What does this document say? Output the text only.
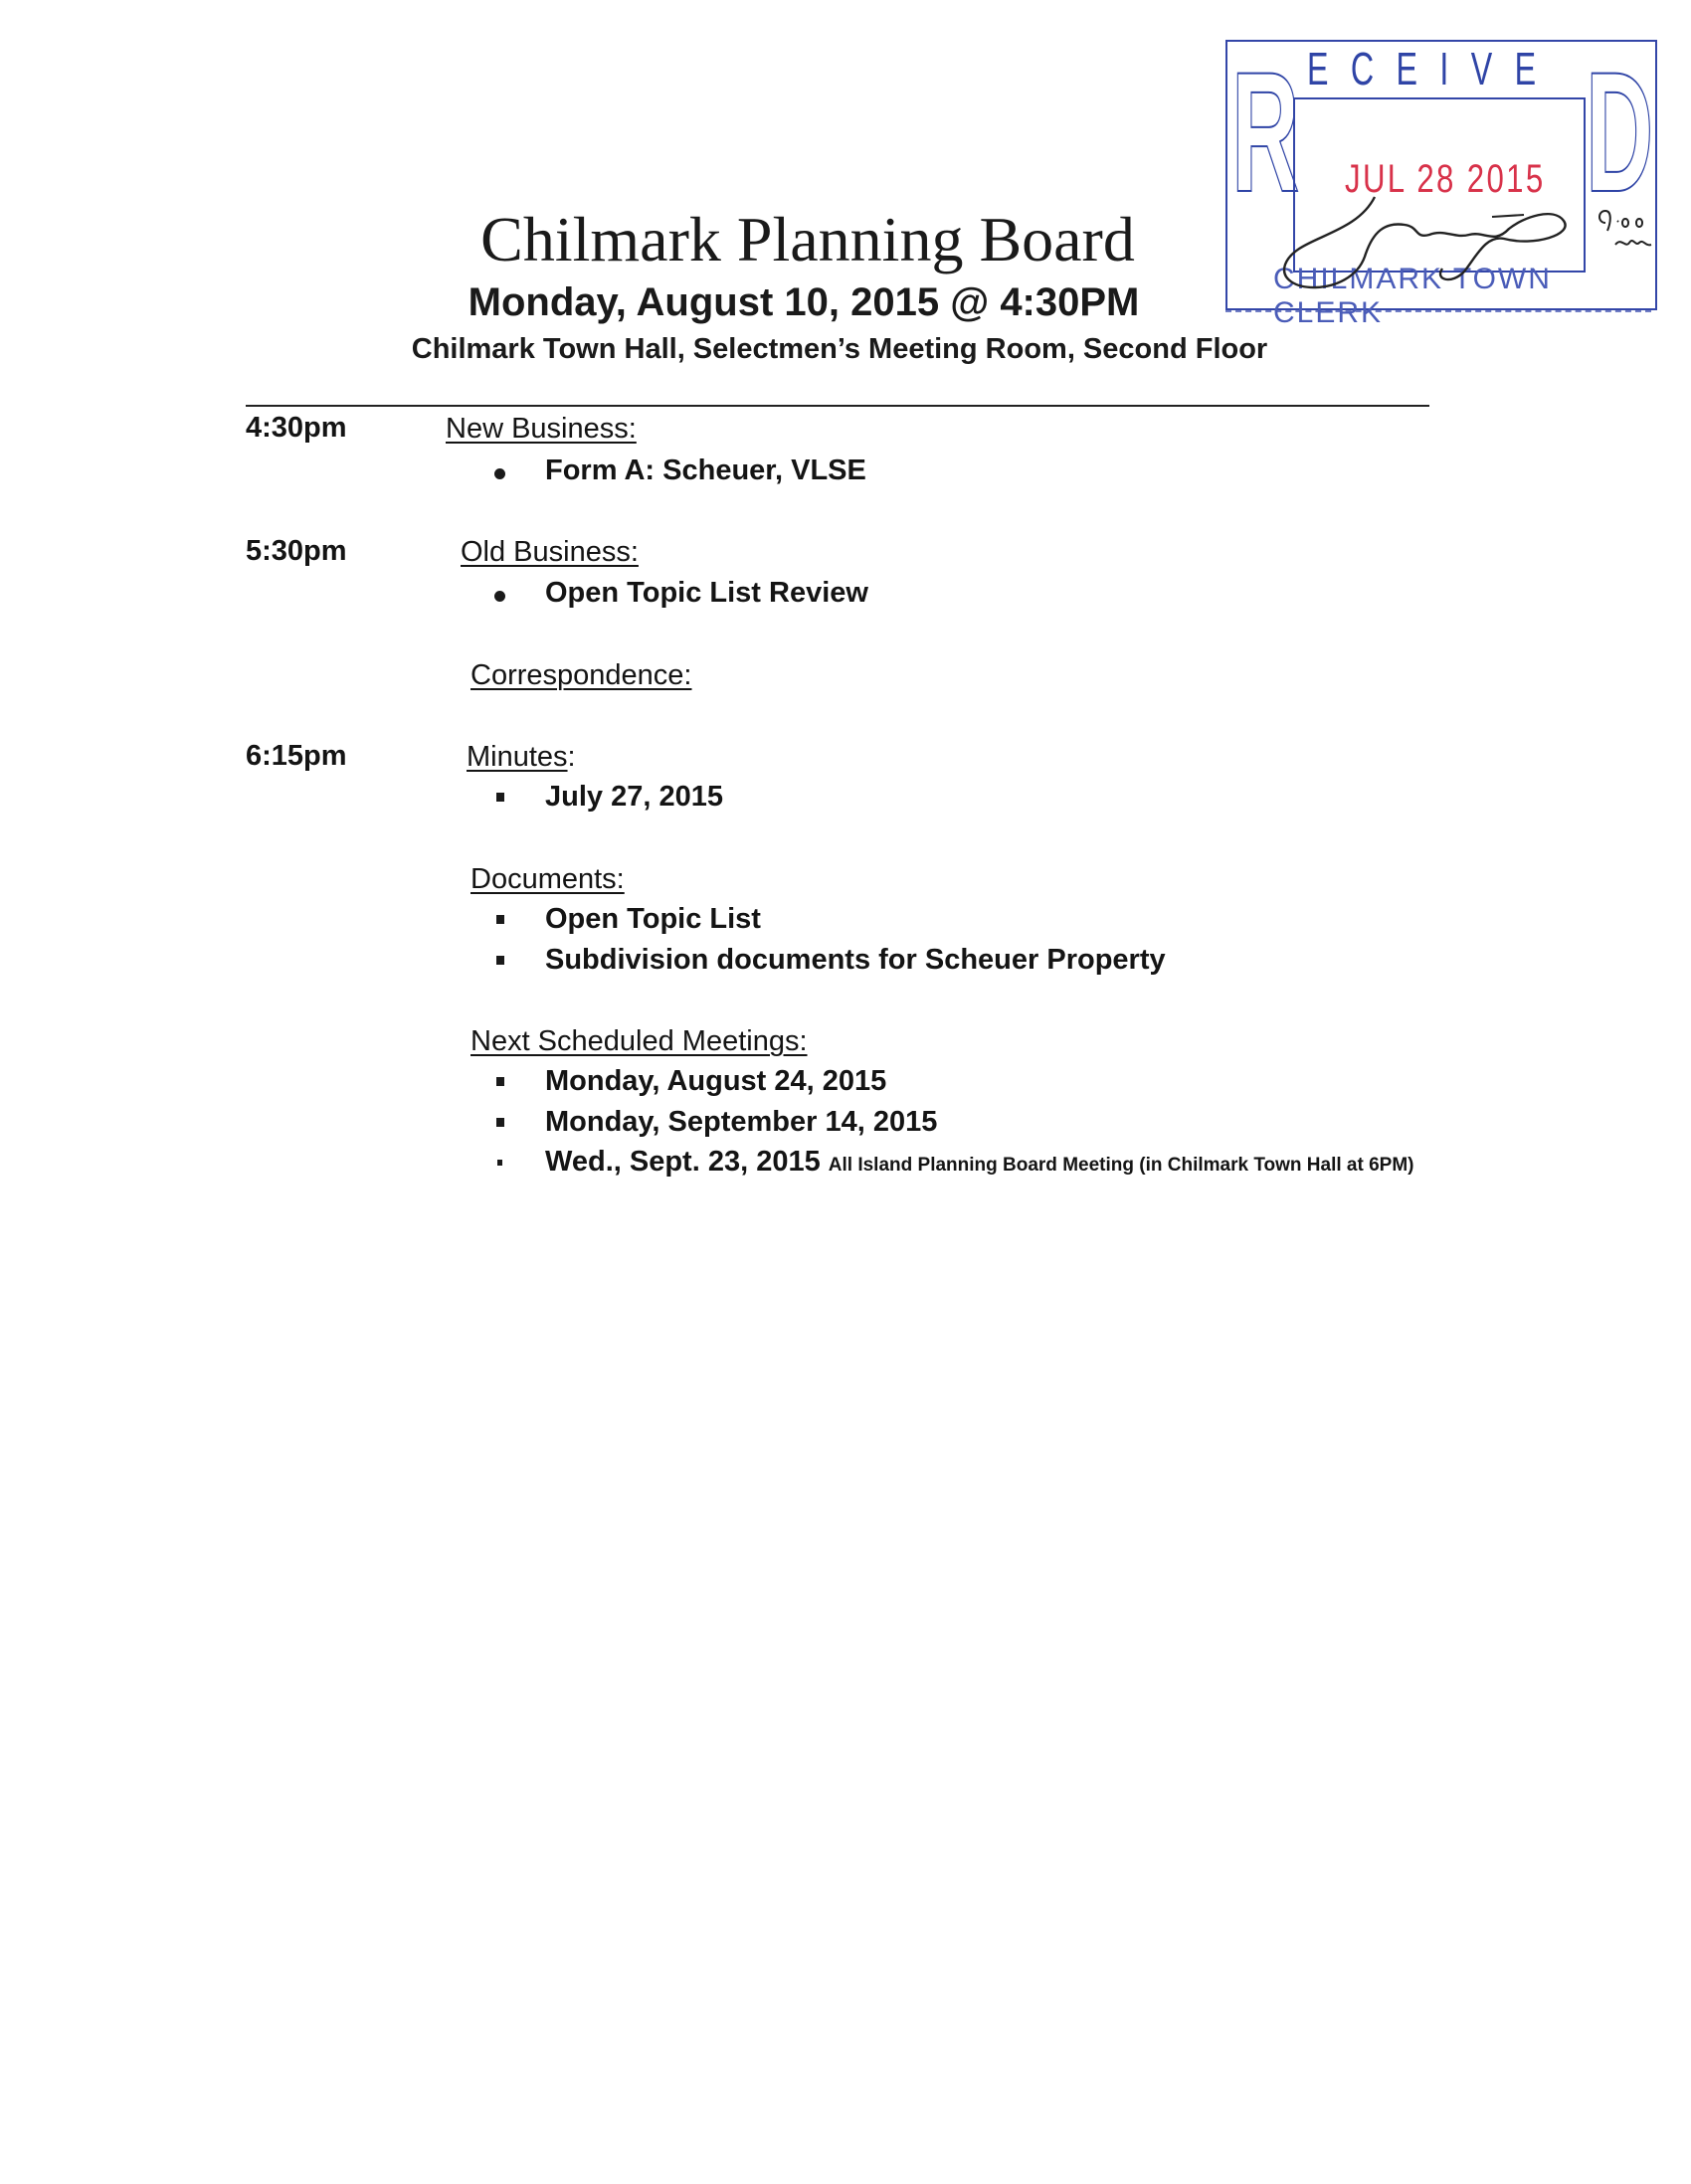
R ECEIVE D
JUL 28 2015
CHILMARK TOWN CLERK
Chilmark Planning Board
Monday, August 10, 2015 @ 4:30PM
Chilmark Town Hall, Selectmen’s Meeting Room, Second Floor
4:30pm	New Business:
Form A: Scheuer, VLSE
5:30pm	Old Business:
Open Topic List Review
Correspondence:
6:15pm	Minutes:
July 27, 2015
Documents:
Open Topic List
Subdivision documents for Scheuer Property
Next Scheduled Meetings:
Monday, August 24, 2015
Monday, September 14, 2015
Wed., Sept. 23, 2015 All Island Planning Board Meeting (in Chilmark Town Hall at 6PM)
